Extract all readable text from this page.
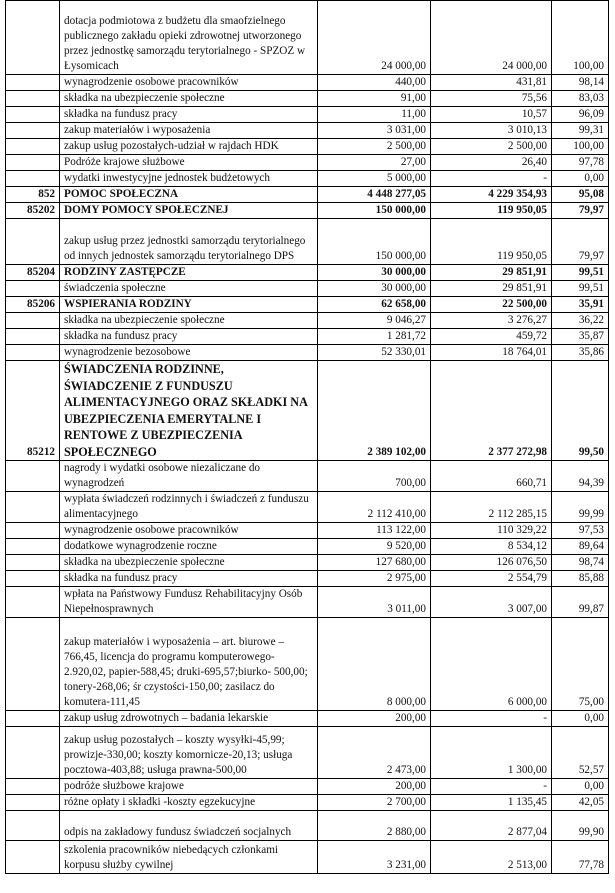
	dotacja podmiotowa z budżetu dla smaofzielnego publicznego zakładu opieki zdrowotnej utworzonego przez jednostkę samorządu terytorialnego - SPZOZ w Łysomicach	24 000,00	24 000,00	100,00
	wynagrodzenie osobowe pracowników	440,00	431,81	98,14
	składka na ubezpieczenie społeczne	91,00	75,56	83,03
	składka na fundusz pracy	11,00	10,57	96,09
	zakup materiałów i wyposażenia	3 031,00	3 010,13	99,31
	zakup usług pozostałych-udział w rajdach HDK	2 500,00	2 500,00	100,00
	Podróże krajowe służbowe	27,00	26,40	97,78
	wydatki inwestycyjne jednostek budżetowych	5 000,00	-	0,00
852	POMOC SPOŁECZNA	4 448 277,05	4 229 354,93	95,08
85202	DOMY POMOCY SPOŁECZNEJ	150 000,00	119 950,05	79,97
	zakup usług przez jednostki samorządu terytorialnego od innych jednostek samorządu terytorialnego DPS	150 000,00	119 950,05	79,97
85204	RODZINY ZASTĘPCZE	30 000,00	29 851,91	99,51
	świadczenia społeczne	30 000,00	29 851,91	99,51
85206	WSPIERANIA RODZINY	62 658,00	22 500,00	35,91
	składka na ubezpieczenie społeczne	9 046,27	3 276,27	36,22
	składka na fundusz pracy	1 281,72	459,72	35,87
	wynagrodzenie bezosobowe	52 330,01	18 764,01	35,86
85212	ŚWIADCZENIA RODZINNE, ŚWIADCZENIE Z FUNDUSZU ALIMENTACYJNEGO ORAZ SKŁADKI NA UBEZPIECZENIA EMERYTALNE I RENTOWE Z UBEZPIECZENIA SPOŁECZNEGO	2 389 102,00	2 377 272,98	99,50
	nagrody i wydatki osobowe niezaliczane do wynagrodzeń	700,00	660,71	94,39
	wypłata świadczeń rodzinnych i świadczeń z funduszu alimentacyjnego	2 112 410,00	2 112 285,15	99,99
	wynagrodzenie osobowe pracowników	113 122,00	110 329,22	97,53
	dodatkowe wynagrodzenie roczne	9 520,00	8 534,12	89,64
	składka na ubezpieczenie społeczne	127 680,00	126 076,50	98,74
	składka na fundusz pracy	2 975,00	2 554,79	85,88
	wpłata na Państwowy Fundusz Rehabilitacyjny Osób Niepełnosprawnych	3 011,00	3 007,00	99,87
	zakup materiałów i wyposażenia – art. biurowe – 766,45, licencja do programu komputerowego- 2.920,02, papier-588,45; druki-695,57;biurko- 500,00; tonery-268,06; śr czystości-150,00; zasilacz do komutera-111,45	8 000,00	6 000,00	75,00
	zakup usług zdrowotnych – badania lekarskie	200,00	-	0,00
	zakup usług pozostałych – koszty wysyłki-45,99; prowizje-330,00; koszty komornicze-20,13; usługa pocztowa-403,88; usługa prawna-500,00	2 473,00	1 300,00	52,57
	podróże służbowe krajowe	200,00	-	0,00
	różne opłaty i składki -koszty egzekucyjne	2 700,00	1 135,45	42,05
	odpis na zakładowy fundusz świadczeń socjalnych	2 880,00	2 877,04	99,90
	szkolenia pracowników niebedących członkami korpusu służby cywilnej	3 231,00	2 513,00	77,78
